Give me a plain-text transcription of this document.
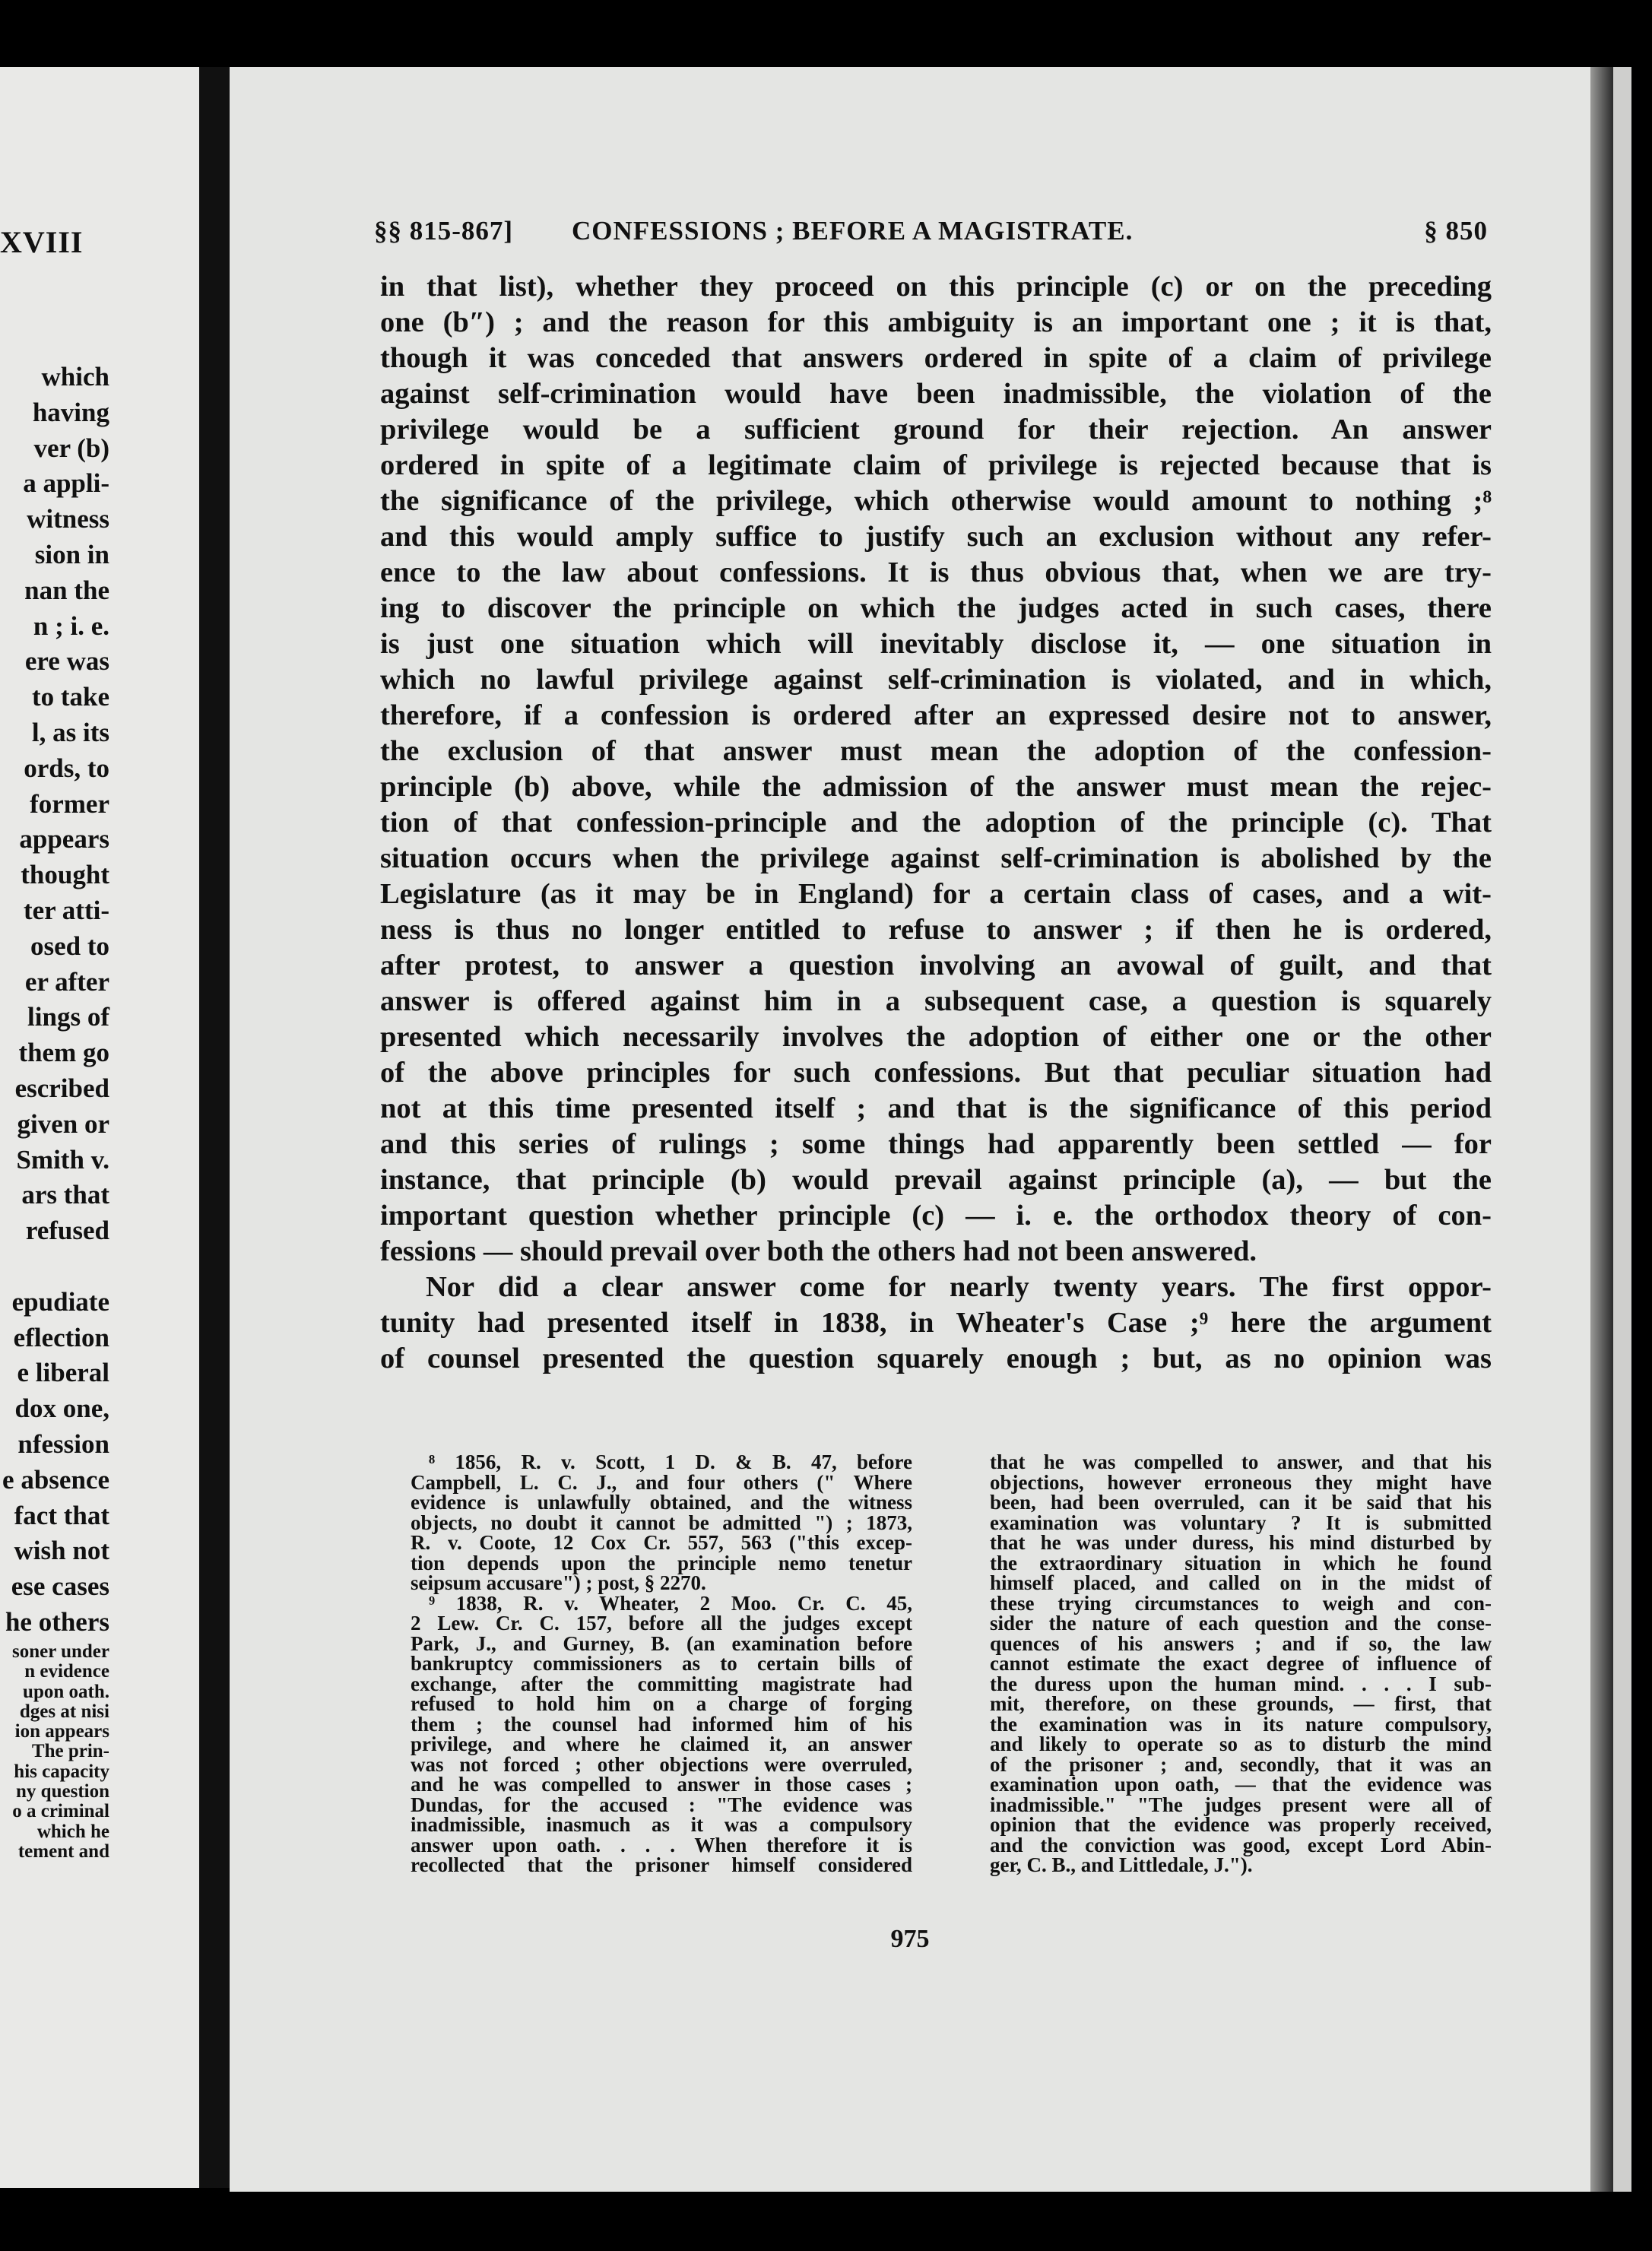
XVIII
which
having
ver (b)
a appli-
witness
sion in
nan the
n ; i. e.
ere was
to take
l, as its
ords, to
former
appears
thought
ter atti-
osed to
er after
lings of
them go
escribed
given or
Smith v.
ars that
refused

epudiate
eflection
e liberal
dox one,
nfession
e absence
fact that
wish not
ese cases
he others
soner under
n evidence
upon oath.
dges at nisi
ion appears
The prin-
his capacity
ny question
o a criminal
which he
tement and
§§ 815-867] CONFESSIONS ; BEFORE A MAGISTRATE.	§ 850
in that list), whether they proceed on this principle (c) or on the preceding
one (b″) ; and the reason for this ambiguity is an important one ; it is that,
though it was conceded that answers ordered in spite of a claim of privilege
against self-crimination would have been inadmissible, the violation of the
privilege would be a sufficient ground for their rejection. An answer
ordered in spite of a legitimate claim of privilege is rejected because that is
the significance of the privilege, which otherwise would amount to nothing ;⁸
and this would amply suffice to justify such an exclusion without any refer-
ence to the law about confessions. It is thus obvious that, when we are try-
ing to discover the principle on which the judges acted in such cases, there
is just one situation which will inevitably disclose it, — one situation in
which no lawful privilege against self-crimination is violated, and in which,
therefore, if a confession is ordered after an expressed desire not to answer,
the exclusion of that answer must mean the adoption of the confession-
principle (b) above, while the admission of the answer must mean the rejec-
tion of that confession-principle and the adoption of the principle (c). That
situation occurs when the privilege against self-crimination is abolished by the
Legislature (as it may be in England) for a certain class of cases, and a wit-
ness is thus no longer entitled to refuse to answer ; if then he is ordered,
after protest, to answer a question involving an avowal of guilt, and that
answer is offered against him in a subsequent case, a question is squarely
presented which necessarily involves the adoption of either one or the other
of the above principles for such confessions. But that peculiar situation had
not at this time presented itself ; and that is the significance of this period
and this series of rulings ; some things had apparently been settled — for
instance, that principle (b) would prevail against principle (a), — but the
important question whether principle (c) — i. e. the orthodox theory of con-
fessions — should prevail over both the others had not been answered.
Nor did a clear answer come for nearly twenty years. The first oppor-
tunity had presented itself in 1838, in Wheater's Case ;⁹ here the argument
of counsel presented the question squarely enough ; but, as no opinion was
⁸ 1856, R. v. Scott, 1 D. & B. 47, before
Campbell, L. C. J., and four others (" Where
evidence is unlawfully obtained, and the witness
objects, no doubt it cannot be admitted ") ; 1873,
R. v. Coote, 12 Cox Cr. 557, 563 ("this excep-
tion depends upon the principle nemo tenetur
seipsum accusare") ; post, § 2270.
⁹ 1838, R. v. Wheater, 2 Moo. Cr. C. 45,
2 Lew. Cr. C. 157, before all the judges except
Park, J., and Gurney, B. (an examination before
bankruptcy commissioners as to certain bills of
exchange, after the committing magistrate had
refused to hold him on a charge of forging
them ; the counsel had informed him of his
privilege, and where he claimed it, an answer
was not forced ; other objections were overruled,
and he was compelled to answer in those cases ;
Dundas, for the accused : "The evidence was
inadmissible, inasmuch as it was a compulsory
answer upon oath. . . . When therefore it is
recollected that the prisoner himself considered
that he was compelled to answer, and that his
objections, however erroneous they might have
been, had been overruled, can it be said that his
examination was voluntary ? It is submitted
that he was under duress, his mind disturbed by
the extraordinary situation in which he found
himself placed, and called on in the midst of
these trying circumstances to weigh and con-
sider the nature of each question and the conse-
quences of his answers ; and if so, the law
cannot estimate the exact degree of influence of
the duress upon the human mind. . . . I sub-
mit, therefore, on these grounds, — first, that
the examination was in its nature compulsory,
and likely to operate so as to disturb the mind
of the prisoner ; and, secondly, that it was an
examination upon oath, — that the evidence was
inadmissible." "The judges present were all of
opinion that the evidence was properly received,
and the conviction was good, except Lord Abin-
ger, C. B., and Littledale, J.").
975
